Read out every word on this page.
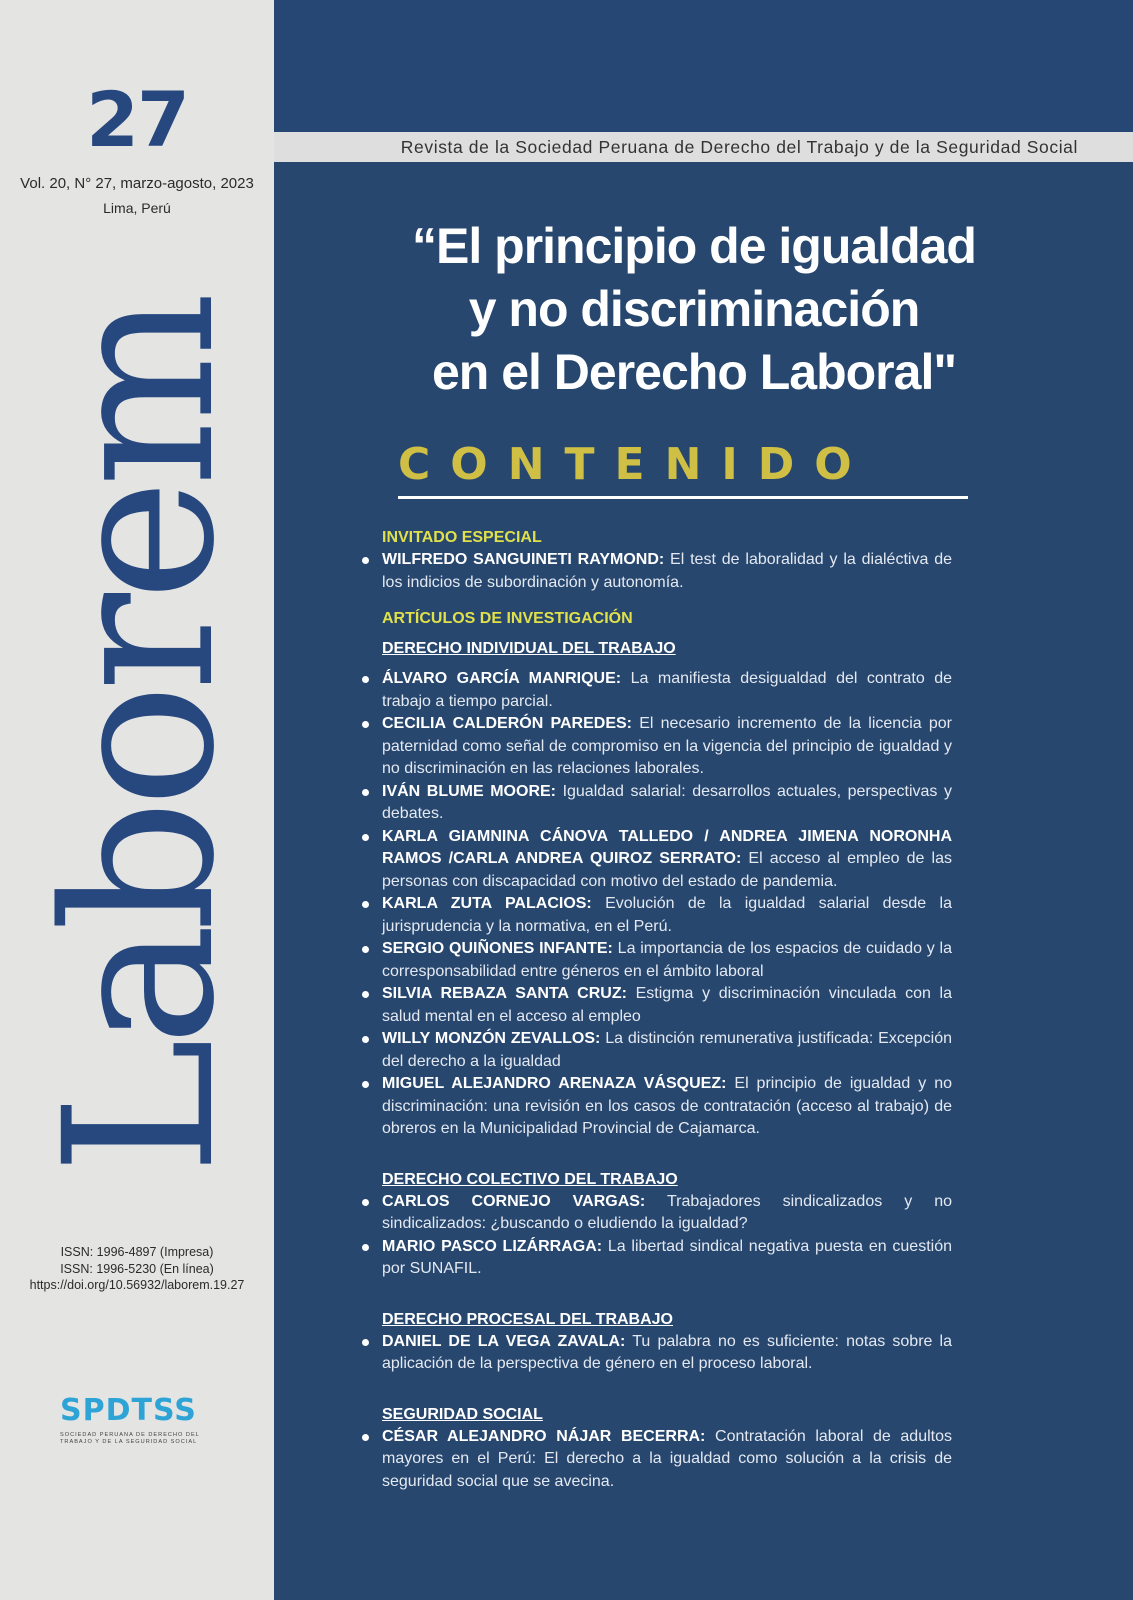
27
Vol. 20, N° 27, marzo-agosto, 2023
Lima, Perú
Laborem
ISSN: 1996-4897 (Impresa)
ISSN: 1996-5230 (En línea)
https://doi.org/10.56932/laborem.19.27
SPDTSS
SOCIEDAD PERUANA DE DERECHO DEL
TRABAJO Y DE LA SEGURIDAD SOCIAL
Revista de la Sociedad Peruana de Derecho del Trabajo y de la Seguridad Social
“El principio de igualdad
y no discriminación
en el Derecho Laboral"
CONTENIDO
INVITADO ESPECIAL
WILFREDO SANGUINETI RAYMOND: El test de laboralidad y la dialéctiva de los indicios de subordinación y autonomía.
ARTÍCULOS DE INVESTIGACIÓN
DERECHO INDIVIDUAL DEL TRABAJO
ÁLVARO GARCÍA MANRIQUE: La manifiesta desigualdad del contrato de trabajo a tiempo parcial.
CECILIA CALDERÓN PAREDES: El necesario incremento de la licencia por paternidad como señal de compromiso en la vigencia del principio de igualdad y no discriminación en las relaciones laborales.
IVÁN BLUME MOORE: Igualdad salarial: desarrollos actuales, perspectivas y debates.
KARLA GIAMNINA CÁNOVA TALLEDO / ANDREA JIMENA NORONHA RAMOS /CARLA ANDREA QUIROZ SERRATO: El acceso al empleo de las personas con discapacidad con motivo del estado de pandemia.
KARLA ZUTA PALACIOS: Evolución de la igualdad salarial desde la jurisprudencia y la normativa, en el Perú.
SERGIO QUIÑONES INFANTE: La importancia de los espacios de cuidado y la corresponsabilidad entre géneros en el ámbito laboral
SILVIA REBAZA SANTA CRUZ: Estigma y discriminación vinculada con la salud mental en el acceso al empleo
WILLY MONZÓN ZEVALLOS: La distinción remunerativa justificada: Excepción del derecho a la igualdad
MIGUEL ALEJANDRO ARENAZA VÁSQUEZ: El principio de igualdad y no discriminación: una revisión en los casos de contratación (acceso al trabajo) de obreros en la Municipalidad Provincial de Cajamarca.
DERECHO COLECTIVO DEL TRABAJO
CARLOS CORNEJO VARGAS: Trabajadores sindicalizados y no sindicalizados: ¿buscando o eludiendo la igualdad?
MARIO PASCO LIZÁRRAGA: La libertad sindical negativa puesta en cuestión por SUNAFIL.
DERECHO PROCESAL DEL TRABAJO
DANIEL DE LA VEGA ZAVALA: Tu palabra no es suficiente: notas sobre la aplicación de la perspectiva de género en el proceso laboral.
SEGURIDAD SOCIAL
CÉSAR ALEJANDRO NÁJAR BECERRA: Contratación laboral de adultos mayores en el Perú: El derecho a la igualdad como solución a la crisis de seguridad social que se avecina.
